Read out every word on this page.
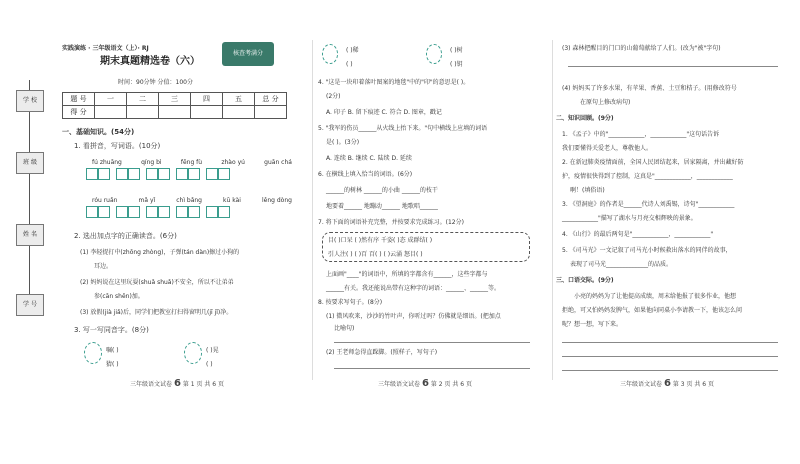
学 校
班 级
姓 名
学 号
实践演练 · 三年级语文（上）· RJ
期末真题精选卷（六）
核查考满分
时间：90分钟 分值：100分
题 号	一	二	三	四	五	总 分
得 分						
一、基础知识。(54分)
1. 看拼音，写词语。(10分)
fú zhuāng	qíng bì	fēng fù	zhào yú	guān chá
róu ruǎn	mǎ yǐ	chì bǎng	kū kài	lěng dòng
2. 选出加点字的正确读音。(6分)
(1) 李轻捉打中(zhōng zhòng)，子弹(tán dàn)擦过小狗的
耳边。
(2) 妈妈说在这里玩耍(shuǎ shuǎ)不安全，所以不让弟弟
参(cān shēn)加。
(3) 放假(jià jiǎ)后，同学们把教室打扫得窗明几(jī jǐ)净。
3. 写一写同音字。(8分)
嘱( )
猜( )
( )晃
( )
三年级语文试卷 6 第 1 页 共 6 页
( )稀
( )
( )树
( )钥
4. "这是一块印着落叶图案的地毯"中的"印"的意思是( )。
(2分)
A. 印子 B. 留下痕迹 C. 符合 D. 图章，戳记
5. "我军的伤员______从火线上抬下来。"句中横线上应填的词语
是( )。(3分)
A. 连续 B. 继续 C. 陆续 D. 延续
6. 在横线上填入恰当的词语。(6分)
______的树林 ______的小曲 ______的枝干
地要着______ 地蹦动______ 地歌唱______
7. 将下面的词语补充完整，并按要求完成练习。(12分)
目( )口呆 ( )然有序 千姿( )态 成群结( )
引人注( ) ( )百 百( ) ( )云涌 怒目( )
上面画"____"的词语中，所填的字都含有______，这些字都与
______有关。我还能说出带有这种字的词语：______、______等。
8. 按要求写句子。(8分)
(1) 微风吹来，沙沙的竹叶声，你听过吗？仿佛就是细语。(把加点
比喻句)
(2) 王老师急得直跺脚。(照样子，写句子)
三年级语文试卷 6 第 2 页 共 6 页
(3) 森林把醒目的门口的山葡萄献给了人们。(改为"被"字句)
(4) 妈妈买了许多水果，有苹果、香蕉、土豆和桔子。(用修改符号
在原句上修改病句)
二、知识回顾。(9分)
1. 《孟子》中的"____________，____________"这句话告诉
我们要懂得关爱老人，尊敬他人。
2. 在新冠肺炎疫情面前，全国人民团结起来，居家隔离，并出藏好防
护，疫情很快得到了控制，这真是"____________，____________
啊！(填俗语)
3. 《望洞庭》的作者是______代诗人刘禹锡，诗句"____________
____________"描写了湖水与月亮交相辉映的景象。
4. 《山行》的最后两句是"____________，____________"
5. 《司马光》一文记叙了司马光小时候救出落水的同伴的故事，
表现了司马光______________的品质。
三、口语交际。(9分)
小亮的妈妈为了让他提高成绩，周末给他报了很多作业，他想
拒绝，可又怕妈妈发脾气，如果他向同桌小李请教一下，他该怎么问
呢？想一想，写下来。
三年级语文试卷 6 第 3 页 共 6 页
